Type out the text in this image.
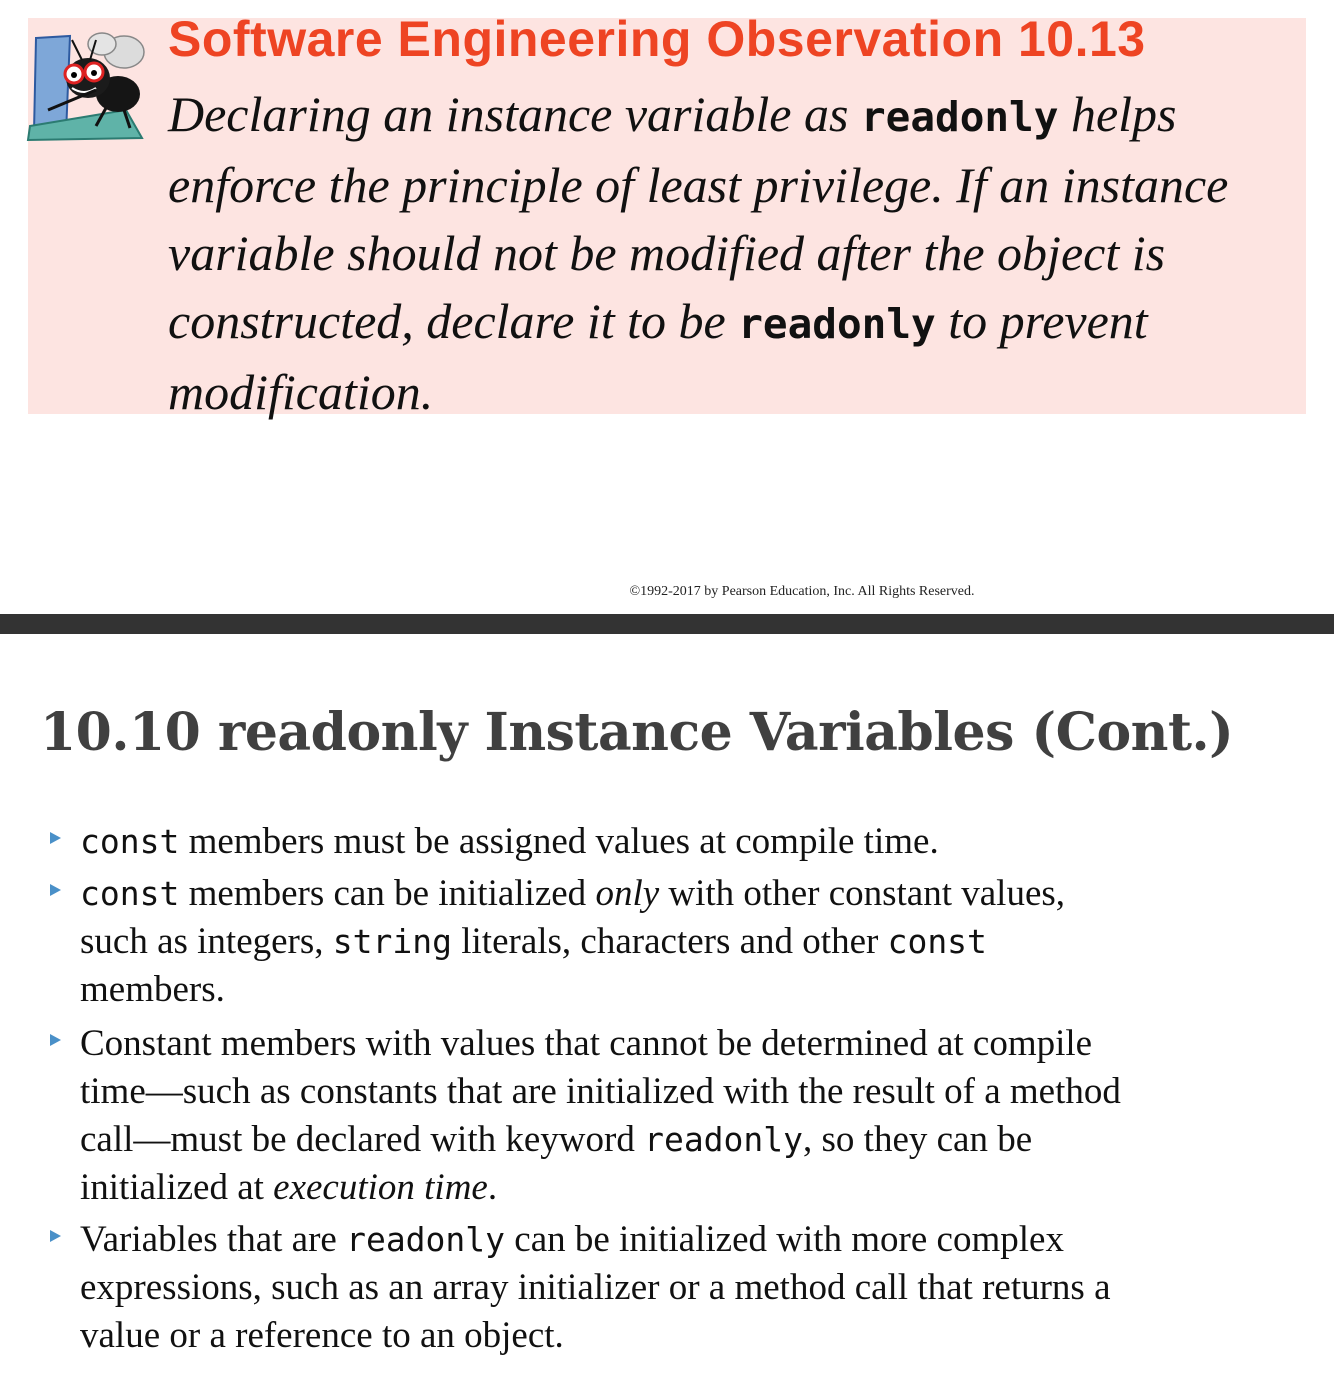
Software Engineering Observation 10.13
Declaring an instance variable as readonly helps
enforce the principle of least privilege. If an instance
variable should not be modified after the object is
constructed, declare it to be readonly to prevent
modification.
©1992-2017 by Pearson Education, Inc. All Rights Reserved.
10.10 readonly Instance Variables (Cont.)
const members must be assigned values at compile time.
const members can be initialized only with other constant values,
such as integers, string literals, characters and other const
members.
Constant members with values that cannot be determined at compile
time—such as constants that are initialized with the result of a method
call—must be declared with keyword readonly, so they can be
initialized at execution time.
Variables that are readonly can be initialized with more complex
expressions, such as an array initializer or a method call that returns a
value or a reference to an object.
